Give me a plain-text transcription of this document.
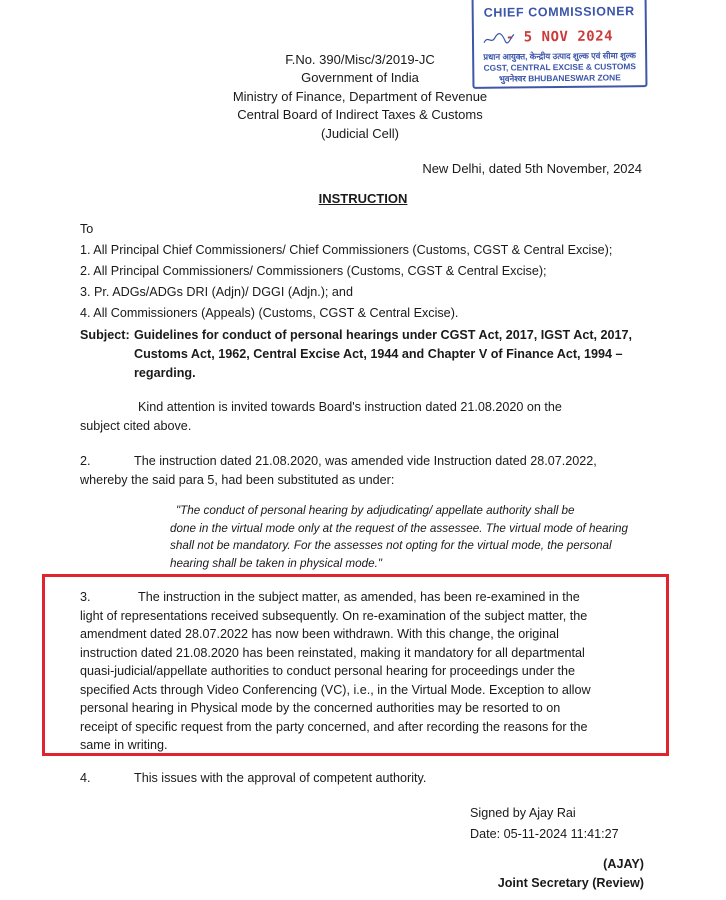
CHIEF COMMISSIONER
- 5 NOV 2024
प्रधान आयुक्त, केन्द्रीय उत्पाद शुल्क एवं सीमा शुल्क
CGST, CENTRAL EXCISE & CUSTOMS
भुवनेश्वर BHUBANESWAR ZONE
F.No. 390/Misc/3/2019-JC
Government of India
Ministry of Finance, Department of Revenue
Central Board of Indirect Taxes & Customs
(Judicial Cell)
New Delhi, dated 5th November, 2024
INSTRUCTION
To
1. All Principal Chief Commissioners/ Chief Commissioners (Customs, CGST & Central Excise);
2. All Principal Commissioners/ Commissioners (Customs, CGST & Central Excise);
3. Pr. ADGs/ADGs DRI (Adjn)/ DGGI (Adjn.); and
4. All Commissioners (Appeals) (Customs, CGST & Central Excise).
Subject: Guidelines for conduct of personal hearings under CGST Act, 2017, IGST Act, 2017,
Customs Act, 1962, Central Excise Act, 1944 and Chapter V of Finance Act, 1994 –
regarding.
Kind attention is invited towards Board's instruction dated 21.08.2020 on the
subject cited above.
2.	The instruction dated 21.08.2020, was amended vide Instruction dated 28.07.2022,
whereby the said para 5, had been substituted as under:
"The conduct of personal hearing by adjudicating/ appellate authority shall be
done in the virtual mode only at the request of the assessee. The virtual mode of hearing
shall not be mandatory. For the assesses not opting for the virtual mode, the personal
hearing shall be taken in physical mode."
3.	The instruction in the subject matter, as amended, has been re-examined in the
light of representations received subsequently. On re-examination of the subject matter, the
amendment dated 28.07.2022 has now been withdrawn. With this change, the original
instruction dated 21.08.2020 has been reinstated, making it mandatory for all departmental
quasi-judicial/appellate authorities to conduct personal hearing for proceedings under the
specified Acts through Video Conferencing (VC), i.e., in the Virtual Mode. Exception to allow
personal hearing in Physical mode by the concerned authorities may be resorted to on
receipt of specific request from the party concerned, and after recording the reasons for the
same in writing.
4.	This issues with the approval of competent authority.
Signed by Ajay Rai
Date: 05-11-2024 11:41:27
(AJAY)
Joint Secretary (Review)
